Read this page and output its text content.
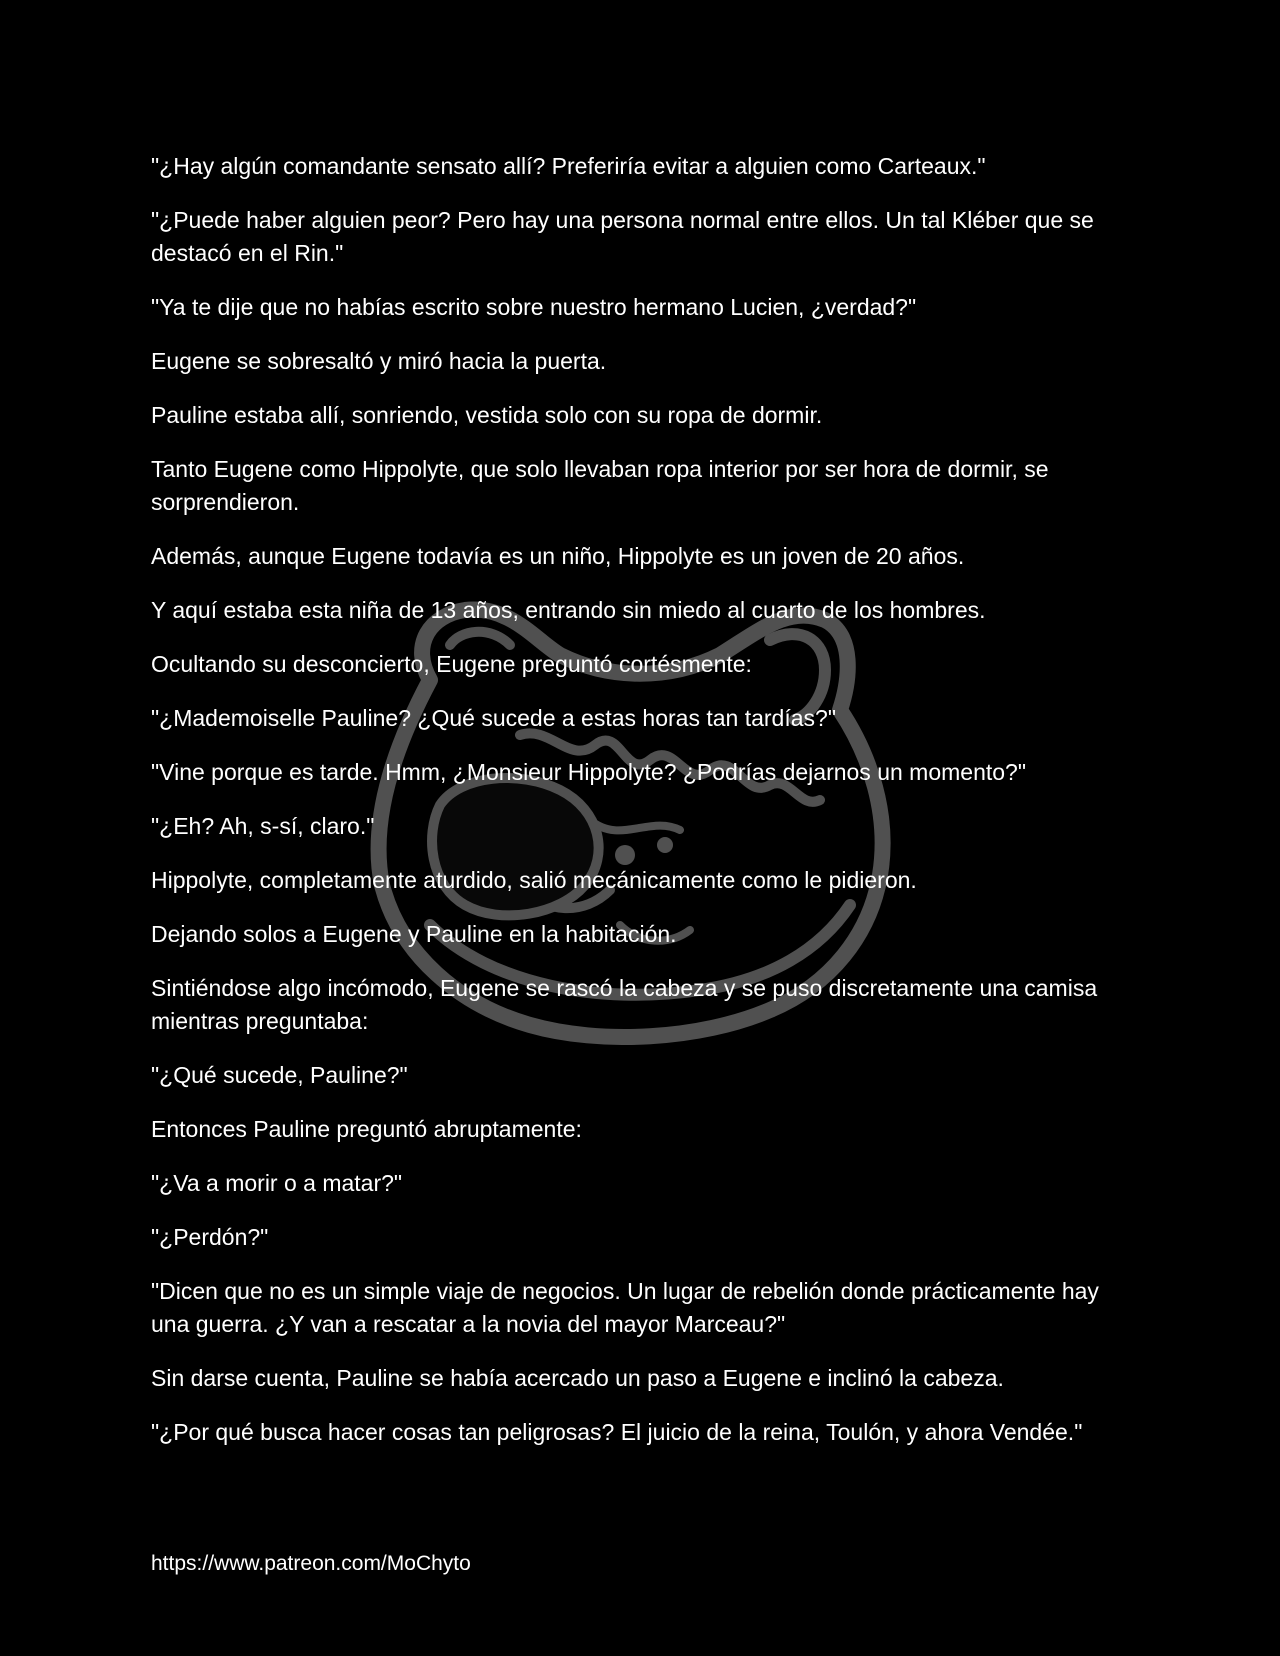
"¿Hay algún comandante sensato allí? Preferiría evitar a alguien como Carteaux."

"¿Puede haber alguien peor? Pero hay una persona normal entre ellos. Un tal Kléber que se destacó en el Rin."

"Ya te dije que no habías escrito sobre nuestro hermano Lucien, ¿verdad?"

Eugene se sobresaltó y miró hacia la puerta.

Pauline estaba allí, sonriendo, vestida solo con su ropa de dormir.

Tanto Eugene como Hippolyte, que solo llevaban ropa interior por ser hora de dormir, se sorprendieron.

Además, aunque Eugene todavía es un niño, Hippolyte es un joven de 20 años.

Y aquí estaba esta niña de 13 años, entrando sin miedo al cuarto de los hombres.

Ocultando su desconcierto, Eugene preguntó cortésmente:

"¿Mademoiselle Pauline? ¿Qué sucede a estas horas tan tardías?"

"Vine porque es tarde. Hmm, ¿Monsieur Hippolyte? ¿Podrías dejarnos un momento?"

"¿Eh? Ah, s-sí, claro."

Hippolyte, completamente aturdido, salió mecánicamente como le pidieron.

Dejando solos a Eugene y Pauline en la habitación.

Sintiéndose algo incómodo, Eugene se rascó la cabeza y se puso discretamente una camisa mientras preguntaba:

"¿Qué sucede, Pauline?"

Entonces Pauline preguntó abruptamente:

"¿Va a morir o a matar?"

"¿Perdón?"

"Dicen que no es un simple viaje de negocios. Un lugar de rebelión donde prácticamente hay una guerra. ¿Y van a rescatar a la novia del mayor Marceau?"

Sin darse cuenta, Pauline se había acercado un paso a Eugene e inclinó la cabeza.

"¿Por qué busca hacer cosas tan peligrosas? El juicio de la reina, Toulón, y ahora Vendée."

https://www.patreon.com/MoChyto
